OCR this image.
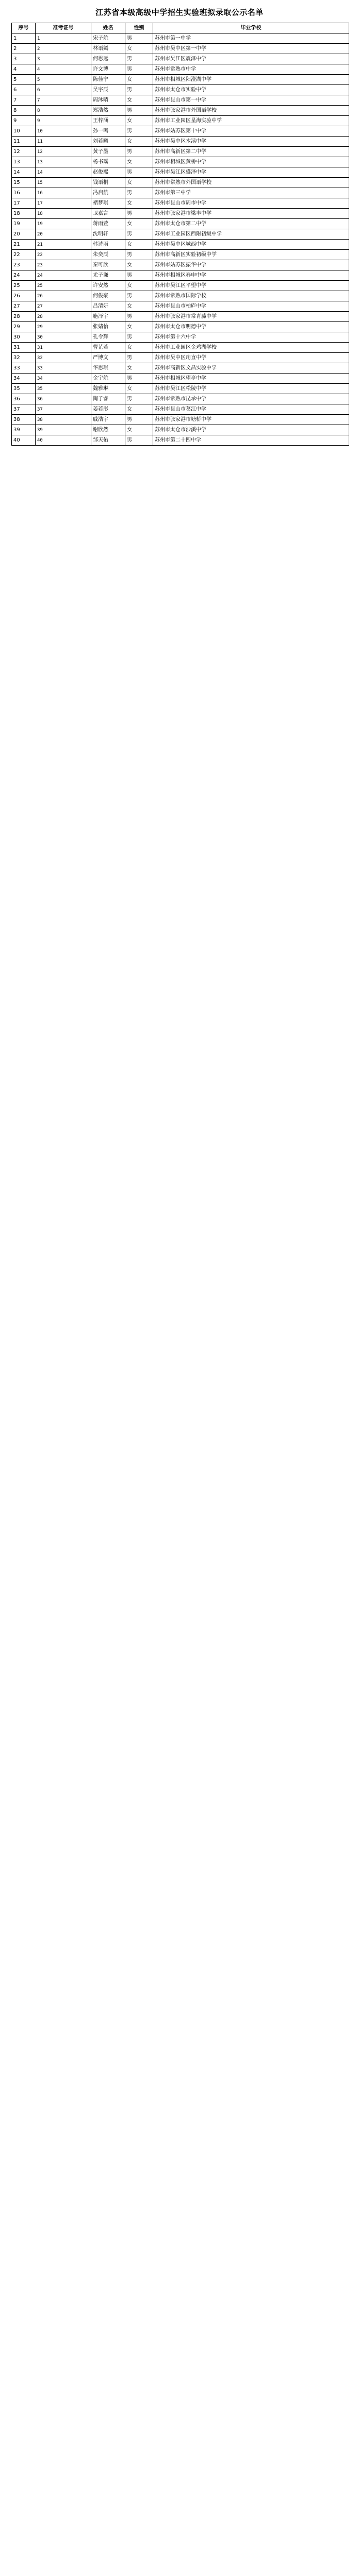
江苏省本级高级中学招生实验班拟录取公示名单
序号	准考证号	姓名	性别	毕业学校
1	1	宋子航	男	苏州市第一中学
2	2	林语嫣	女	苏州市吴中区第一中学
3	3	何思远	男	苏州市吴江区震泽中学
4	4	许文博	男	苏州市常熟市中学
5	5	陈佳宁	女	苏州市相城区阳澄湖中学
6	6	吴宇辰	男	苏州市太仓市实验中学
7	7	周沐晴	女	苏州市昆山市第一中学
8	8	郑浩然	男	苏州市张家港市外国语学校
9	9	王梓涵	女	苏州市工业园区星海实验中学
10	10	孙一鸣	男	苏州市姑苏区第十中学
11	11	刘若曦	女	苏州市吴中区木渎中学
12	12	黄子墨	男	苏州市高新区第二中学
13	13	杨书瑶	女	苏州市相城区黄桥中学
14	14	赵俊熙	男	苏州市吴江区盛泽中学
15	15	钱语桐	女	苏州市常熟市外国语学校
16	16	冯启航	男	苏州市第三中学
17	17	褚梦琪	女	苏州市昆山市周市中学
18	18	卫嘉言	男	苏州市张家港市梁丰中学
19	19	蒋雨萱	女	苏州市太仓市第二中学
20	20	沈明轩	男	苏州市工业园区西附初级中学
21	21	韩诗雨	女	苏州市吴中区城西中学
22	22	朱奕辰	男	苏州市高新区实验初级中学
23	23	秦可欣	女	苏州市姑苏区振华中学
24	24	尤子谦	男	苏州市相城区春申中学
25	25	许安然	女	苏州市吴江区平望中学
26	26	何俊豪	男	苏州市常熟市国际学校
27	27	吕清妍	女	苏州市昆山市柏庐中学
28	28	施泽宇	男	苏州市张家港市常青藤中学
29	29	张婧怡	女	苏州市太仓市明德中学
30	30	孔令辉	男	苏州市第十六中学
31	31	曹芷若	女	苏州市工业园区金鸡湖学校
32	32	严博文	男	苏州市吴中区甪直中学
33	33	华思琪	女	苏州市高新区文昌实验中学
34	34	金宇航	男	苏州市相城区望亭中学
35	35	魏雅琳	女	苏州市吴江区松陵中学
36	36	陶子睿	男	苏州市常熟市昆承中学
37	37	姜若彤	女	苏州市昆山市葛江中学
38	38	戚浩宇	男	苏州市张家港市塘桥中学
39	39	谢欣然	女	苏州市太仓市沙溪中学
40	40	邹天佑	男	苏州市第二十四中学
